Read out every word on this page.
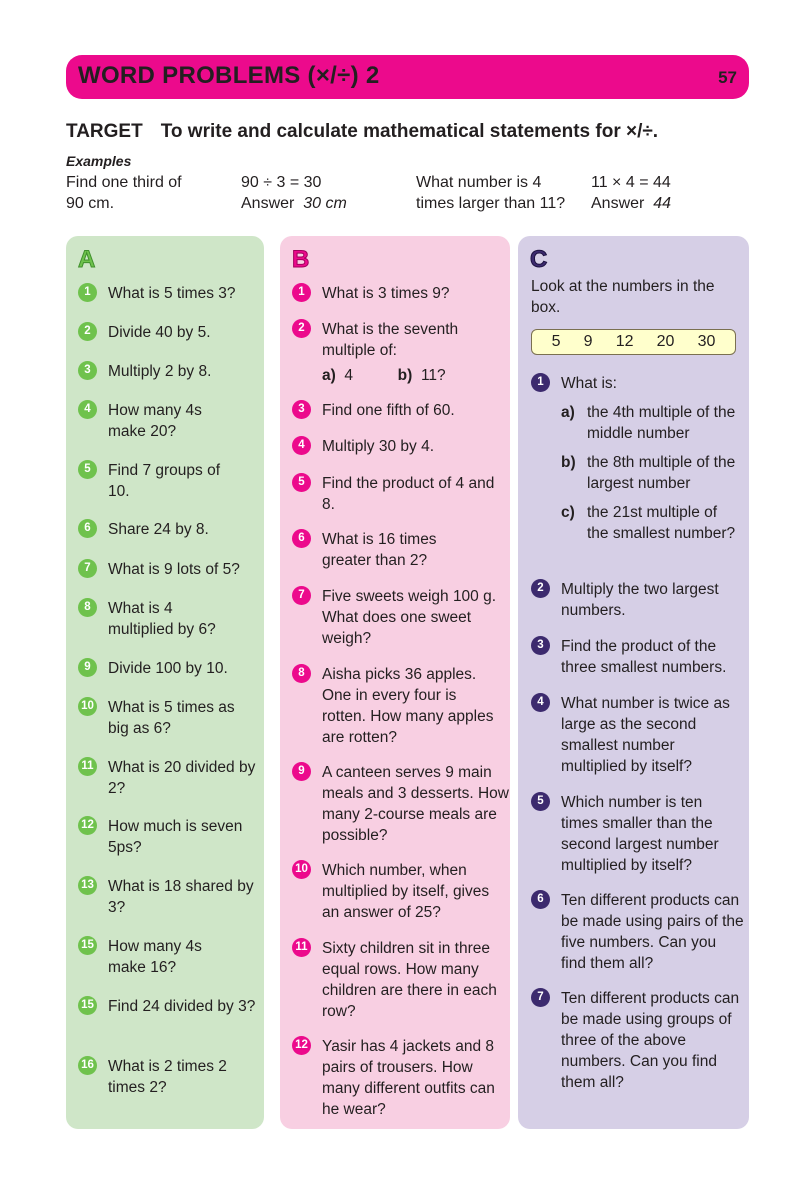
WORD PROBLEMS (×/÷) 2	57
TARGET To write and calculate mathematical statements for ×/÷.
Examples
Find one third of
90 cm.
90 ÷ 3 = 30
Answer 30 cm
What number is 4
times larger than 11?
11 × 4 = 44
Answer 44
A
1	What is 5 times 3?
2	Divide 40 by 5.
3	Multiply 2 by 8.
4	How many 4s make 20?
5	Find 7 groups of 10.
6	Share 24 by 8.
7	What is 9 lots of 5?
8	What is 4 multiplied by 6?
9	Divide 100 by 10.
10 What is 5 times as big as 6?
11 What is 20 divided by 2?
12 How much is seven 5ps?
13 What is 18 shared by 3?
15 How many 4s make 16?
15 Find 24 divided by 3?
16 What is 2 times 2 times 2?
B
1	What is 3 times 9?
2	What is the seventh multiple of:
a) 4	b) 11?
3	Find one fifth of 60.
4	Multiply 30 by 4.
5	Find the product of 4 and 8.
6	What is 16 times greater than 2?
7	Five sweets weigh 100 g. What does one sweet weigh?
8	Aisha picks 36 apples. One in every four is rotten. How many apples are rotten?
9	A canteen serves 9 main meals and 3 desserts. How many 2-course meals are possible?
10 Which number, when multiplied by itself, gives an answer of 25?
11 Sixty children sit in three equal rows. How many children are there in each row?
12 Yasir has 4 jackets and 8 pairs of trousers. How many different outfits can he wear?
C
Look at the numbers in the box.
5 9 12 20 30
1	What is:
a) the 4th multiple of the middle number
b) the 8th multiple of the largest number
c) the 21st multiple of the smallest number?
2	Multiply the two largest numbers.
3	Find the product of the three smallest numbers.
4	What number is twice as large as the second smallest number multiplied by itself?
5	Which number is ten times smaller than the second largest number multiplied by itself?
6	Ten different products can be made using pairs of the five numbers. Can you find them all?
7	Ten different products can be made using groups of three of the above numbers. Can you find them all?
